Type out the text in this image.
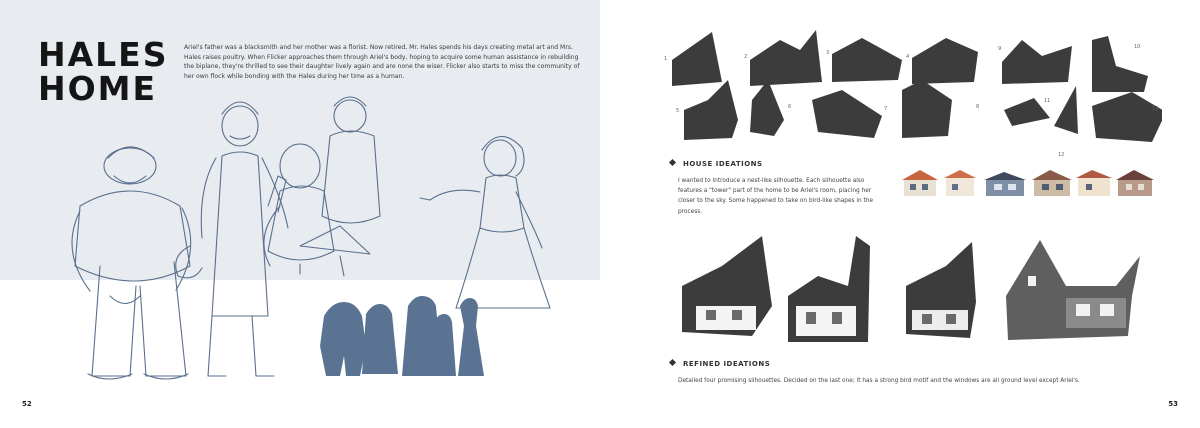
HALES
HOME

Ariel's father was a blacksmith and her mother was a florist. Now retired, Mr. Hales spends his days creating metal art and Mrs. Hales raises poultry. When Flicker approaches them through Ariel's body, hoping to acquire some human assistance in rebuilding the biplane, they're thrilled to see their daughter lively again and are none the wiser. Flicker also starts to miss the community of her own flock while bonding with the Hales during her time as a human.

52
1	2
3
4
5
6	7	8
9	10
11
12
13
HOUSE IDEATIONS

I wanted to introduce a nest-like silhouette. Each silhouette also features a "tower" part of the home to be Ariel's room, placing her closer to the sky. Some happened to take on bird-like shapes in the process.

REFINED IDEATIONS

Detailed four promising silhouettes. Decided on the last one; it has a strong bird motif and the windows are all ground level except Ariel's.

53
